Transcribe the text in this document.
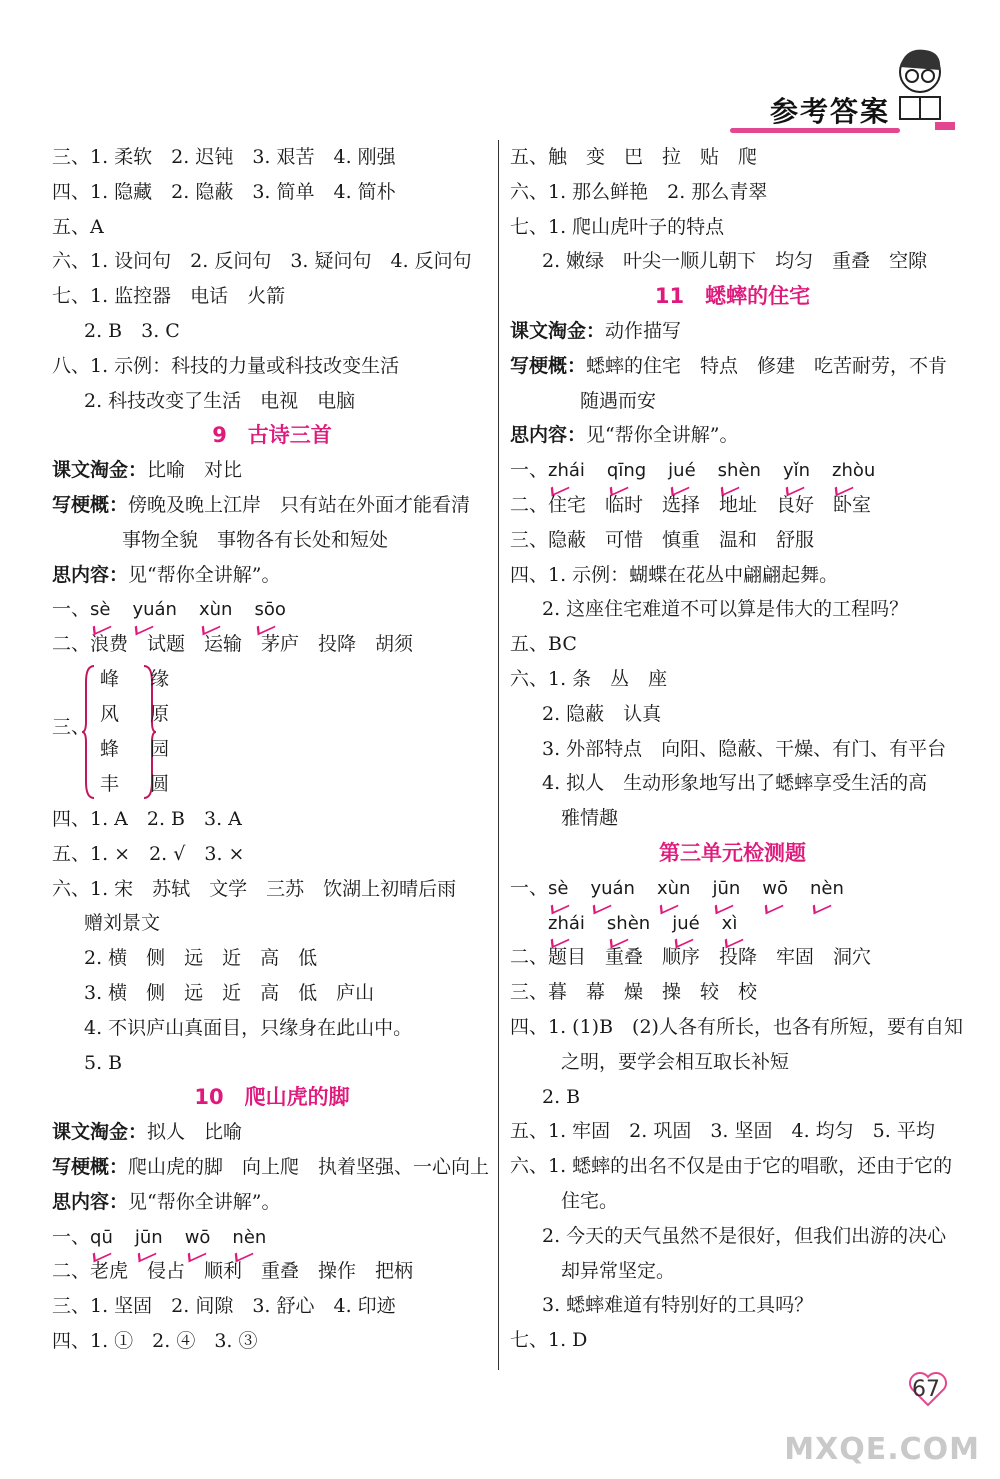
参考答案
三、1. 柔软　2. 迟钝　3. 艰苦　4. 刚强
四、1. 隐藏　2. 隐蔽　3. 简单　4. 简朴
五、A
六、1. 设问句　2. 反问句　3. 疑问句　4. 反问句
七、1. 监控器　电话　火箭
2. B　3. C
八、1. 示例：科技的力量或科技改变生活
2. 科技改变了生活　电视　电脑
9　古诗三首
课文淘金：比喻　对比
写梗概：傍晚及晚上江岸　只有站在外面才能看清
　　事物全貌　事物各有长处和短处
思内容：见“帮你全讲解”。
一、sè yuán xùn sōo
二、浪费　试题　运输　茅庐　投降　胡须
三、
峰
风
蜂
丰
缘
原
园
圆
四、1. A　2. B　3. A
五、1. ×　2. √　3. ×
六、1. 宋　苏轼　文学　三苏　饮湖上初晴后雨
赠刘景文
2. 横　侧　远　近　高　低
3. 横　侧　远　近　高　低　庐山
4. 不识庐山真面目，只缘身在此山中。
5. B
10　爬山虎的脚
课文淘金：拟人　比喻
写梗概：爬山虎的脚　向上爬　执着坚强、一心向上
思内容：见“帮你全讲解”。
一、qū jūn wō nèn
二、老虎　侵占　顺利　重叠　操作　把柄
三、1. 坚固　2. 间隙　3. 舒心　4. 印迹
四、1. ①　2. ④　3. ③
五、触　变　巴　拉　贴　爬
六、1. 那么鲜艳　2. 那么青翠
七、1. 爬山虎叶子的特点
2. 嫩绿　叶尖一顺儿朝下　均匀　重叠　空隙
11　蟋蟀的住宅
课文淘金：动作描写
写梗概：蟋蟀的住宅　特点　修建　吃苦耐劳，不肯
　　随遇而安
思内容：见“帮你全讲解”。
一、zhái qīng jué shèn yǐn zhòu
二、住宅　临时　选择　地址　良好　卧室
三、隐蔽　可惜　慎重　温和　舒服
四、1. 示例：蝴蝶在花丛中翩翩起舞。
2. 这座住宅难道不可以算是伟大的工程吗？
五、BC
六、1. 条　丛　座
2. 隐蔽　认真
3. 外部特点　向阳、隐蔽、干燥、有门、有平台
4. 拟人　生动形象地写出了蟋蟀享受生活的高
　雅情趣
第三单元检测题
一、sè yuán xùn jūn wō nèn
　　zhái shèn jué xì
二、题目　重叠　顺序　投降　牢固　洞穴
三、暮　幕　燥　操　较　校
四、1. (1)B　(2)人各有所长，也各有所短，要有自知
　之明，要学会相互取长补短
2. B
五、1. 牢固　2. 巩固　3. 坚固　4. 均匀　5. 平均
六、1. 蟋蟀的出名不仅是由于它的唱歌，还由于它的
　住宅。
2. 今天的天气虽然不是很好，但我们出游的决心
　却异常坚定。
3. 蟋蟀难道有特别好的工具吗？
七、1. D
67
MXQE.COM
